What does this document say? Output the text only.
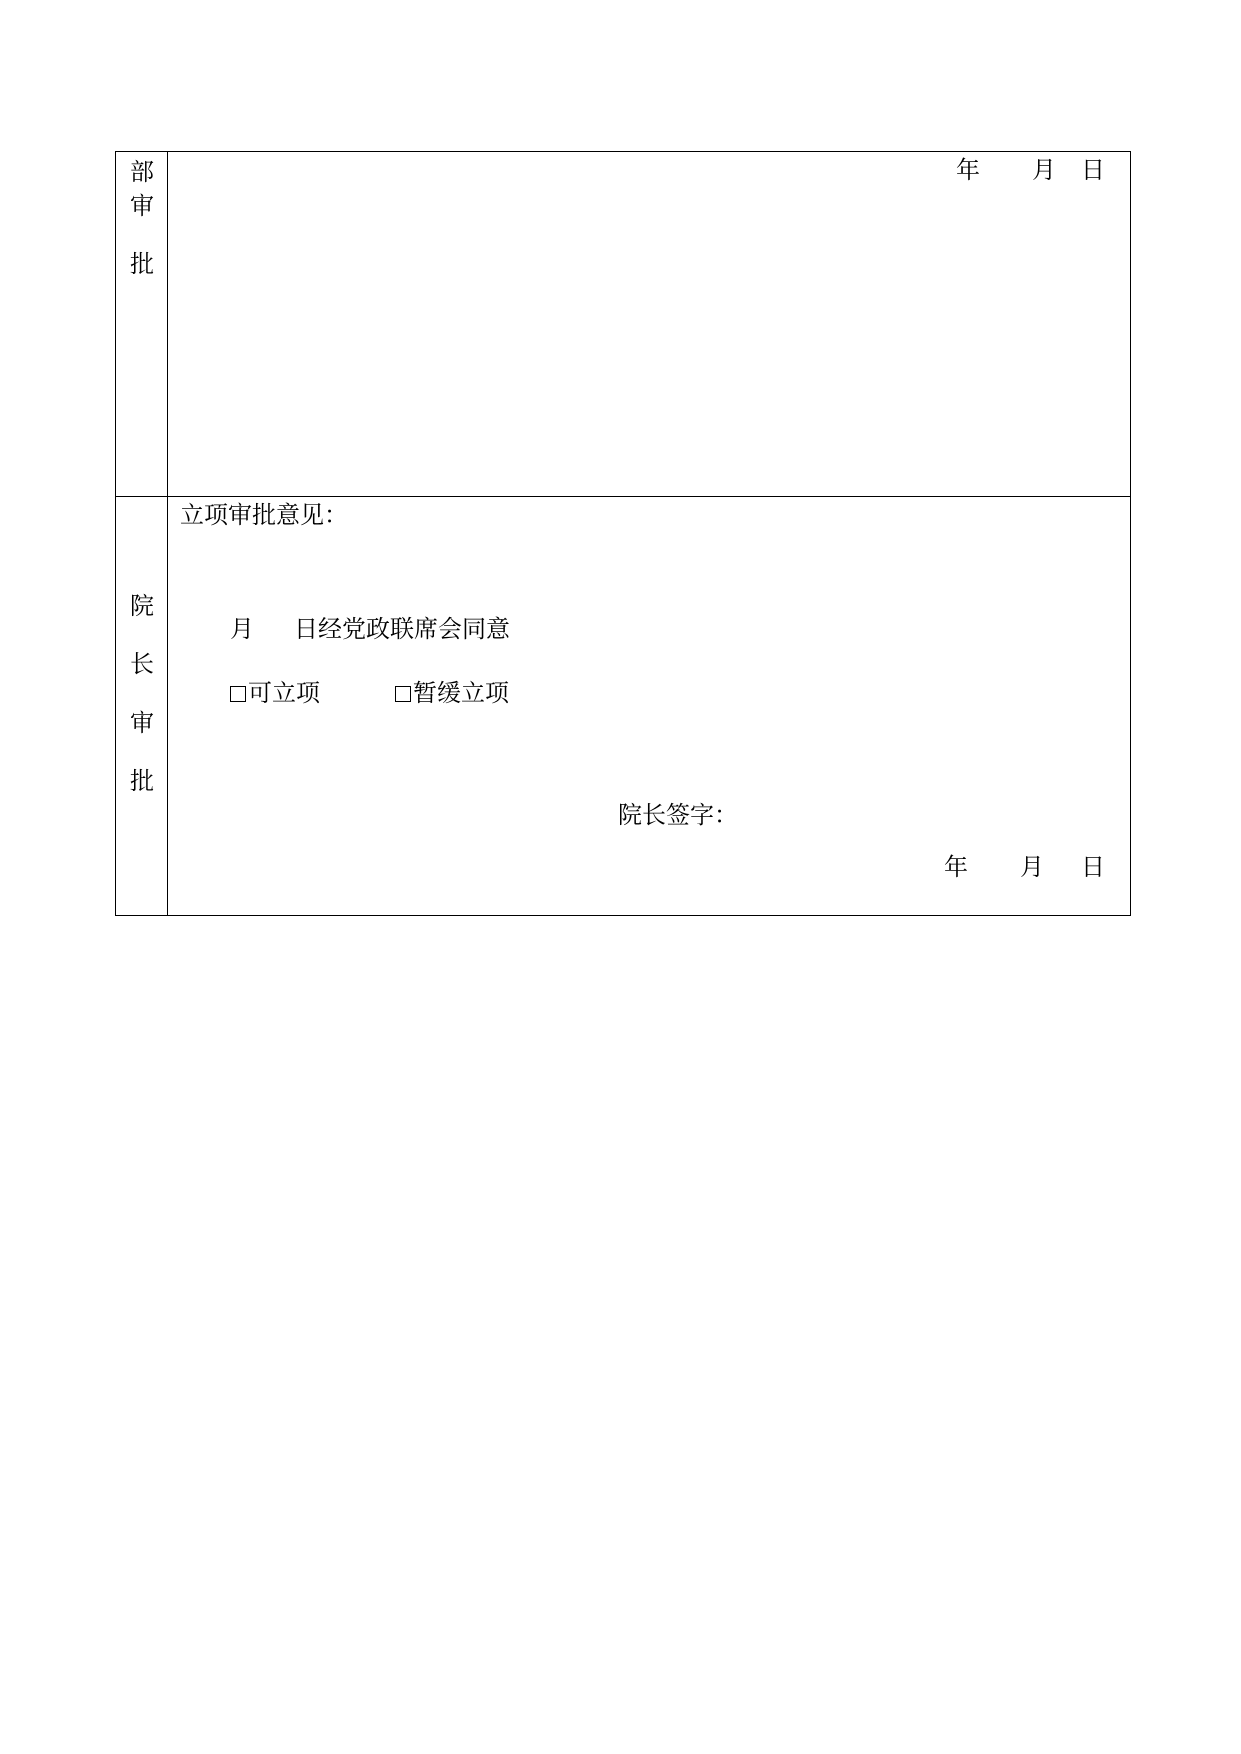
部
审
批
年 月 日
院
长
审
批
立项审批意见：
月 日经党政联席会同意
可立项	暂缓立项
院长签字：
年 月 日
